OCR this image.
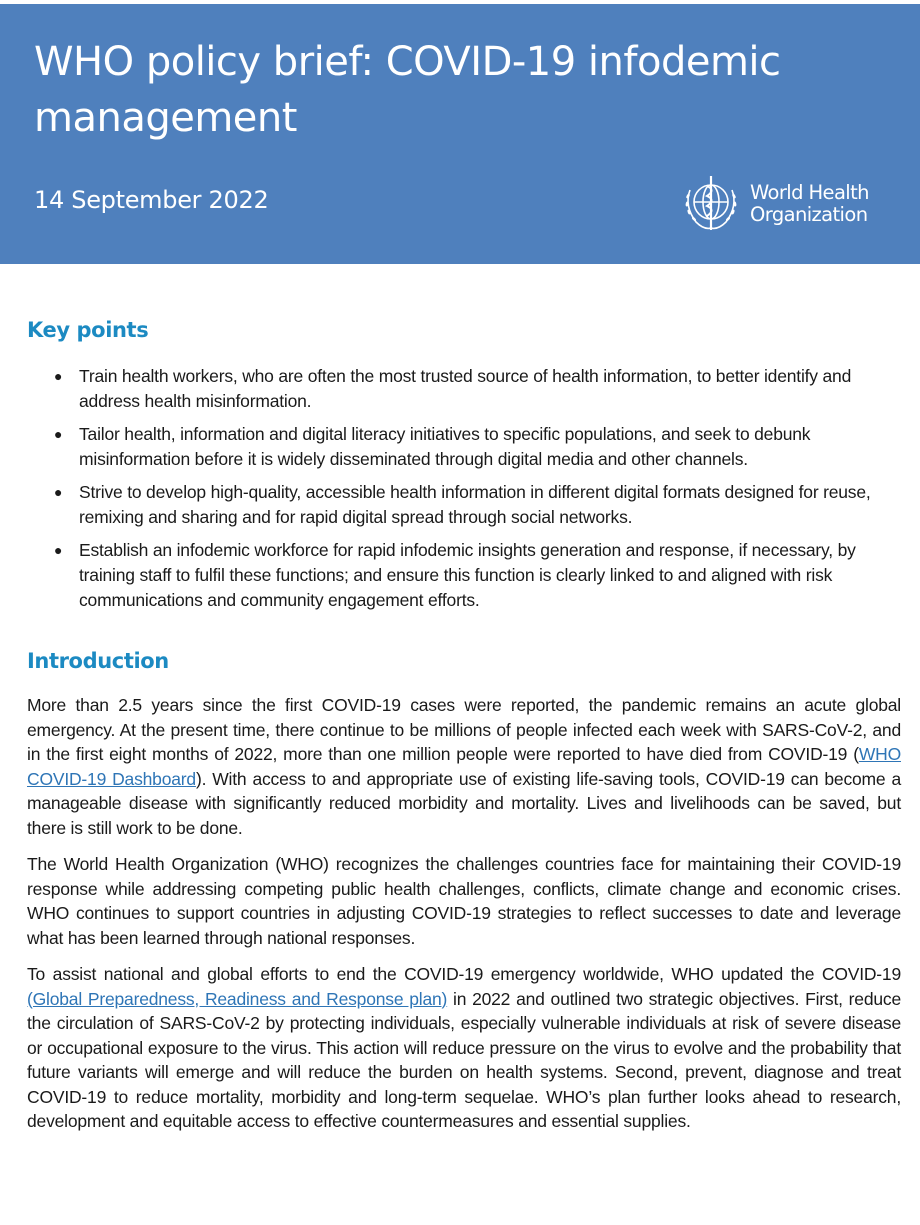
WHO policy brief: COVID-19 infodemic management
14 September 2022	World Health
Organization
Key points
● Train health workers, who are often the most trusted source of health information, to better identify and address health misinformation.
● Tailor health, information and digital literacy initiatives to specific populations, and seek to debunk misinformation before it is widely disseminated through digital media and other channels.
● Strive to develop high-quality, accessible health information in different digital formats designed for reuse, remixing and sharing and for rapid digital spread through social networks.
● Establish an infodemic workforce for rapid infodemic insights generation and response, if necessary, by training staff to fulfil these functions; and ensure this function is clearly linked to and aligned with risk communications and community engagement efforts.
Introduction

More than 2.5 years since the first COVID-19 cases were reported, the pandemic remains an acute global emergency. At the present time, there continue to be millions of people infected each week with SARS-CoV-2, and in the first eight months of 2022, more than one million people were reported to have died from COVID-19 (WHO COVID-19 Dashboard). With access to and appropriate use of existing life-saving tools, COVID-19 can become a manageable disease with significantly reduced morbidity and mortality. Lives and livelihoods can be saved, but there is still work to be done.

The World Health Organization (WHO) recognizes the challenges countries face for maintaining their COVID-19 response while addressing competing public health challenges, conflicts, climate change and economic crises. WHO continues to support countries in adjusting COVID-19 strategies to reflect successes to date and leverage what has been learned through national responses.

To assist national and global efforts to end the COVID-19 emergency worldwide, WHO updated the COVID-19 (Global Preparedness, Readiness and Response plan) in 2022 and outlined two strategic objectives. First, reduce the circulation of SARS-CoV-2 by protecting individuals, especially vulnerable individuals at risk of severe disease or occupational exposure to the virus. This action will reduce pressure on the virus to evolve and the probability that future variants will emerge and will reduce the burden on health systems. Second, prevent, diagnose and treat COVID-19 to reduce mortality, morbidity and long-term sequelae. WHO’s plan further looks ahead to research, development and equitable access to effective countermeasures and essential supplies.
